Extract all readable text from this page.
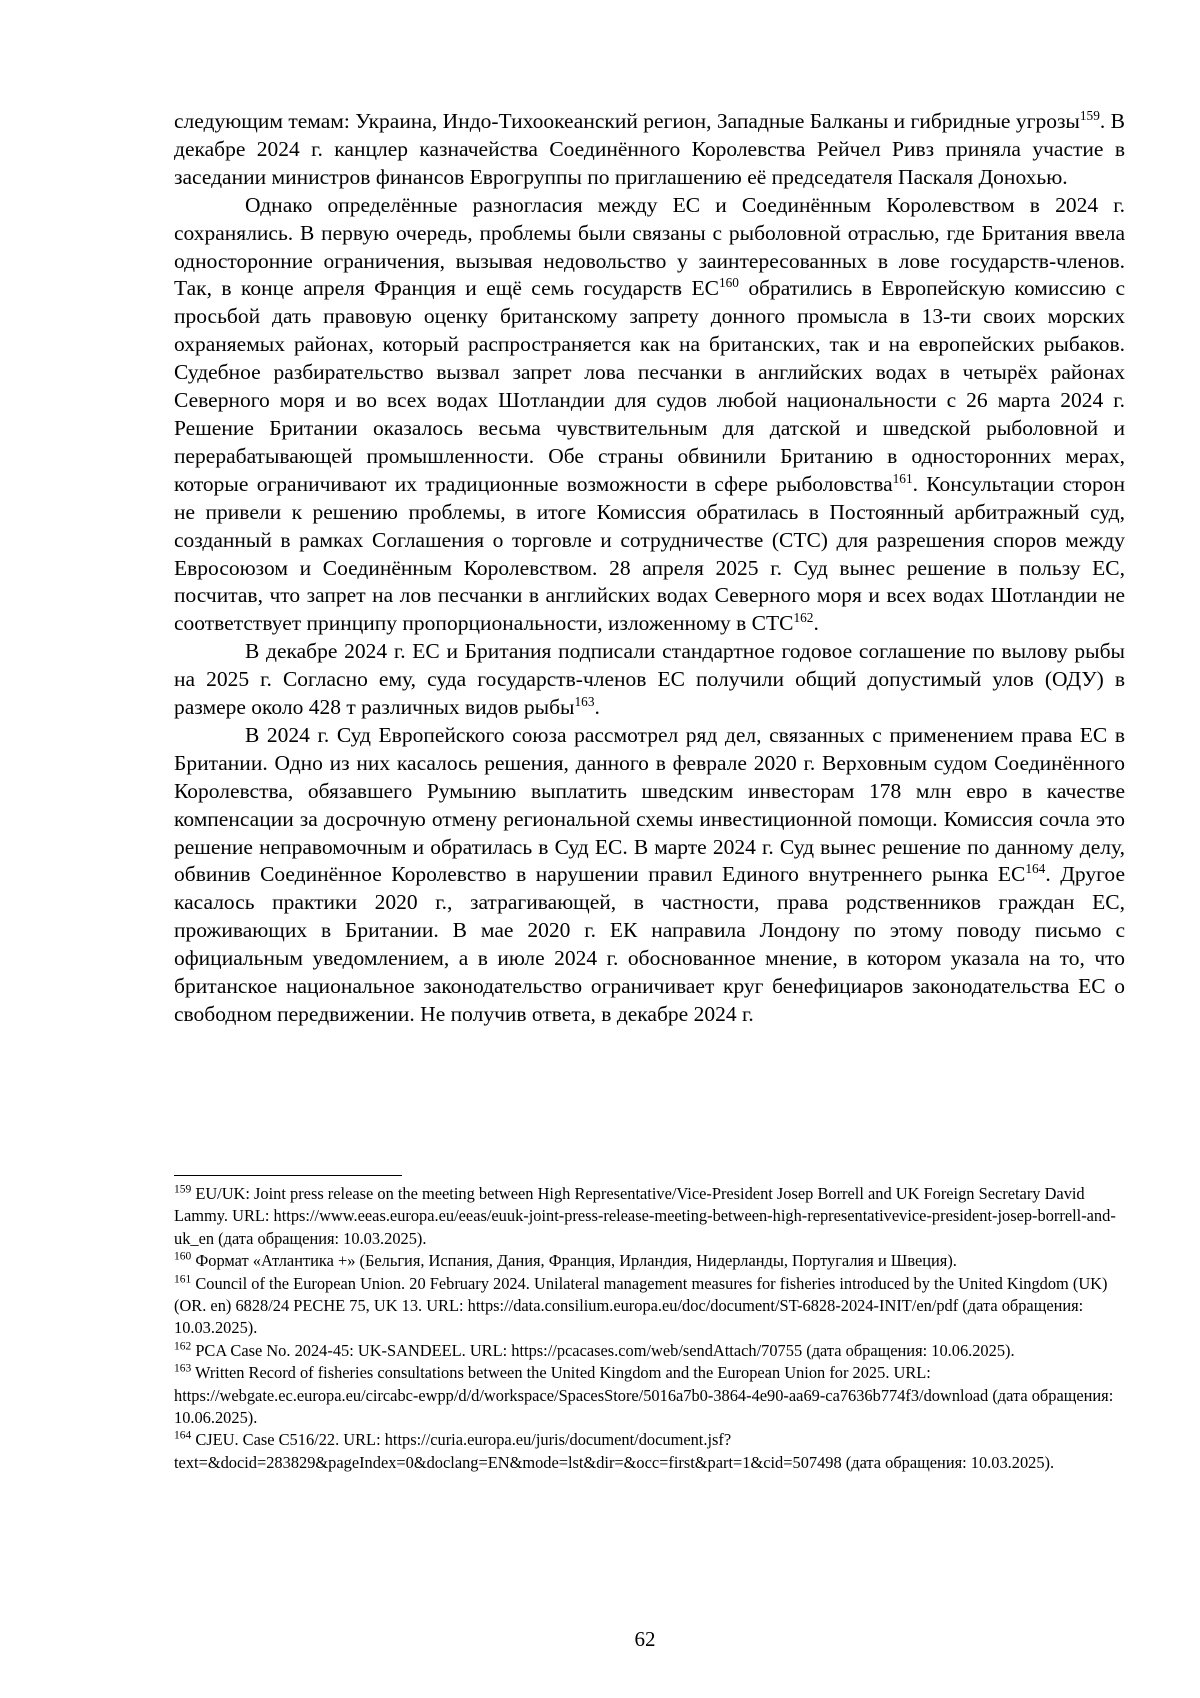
следующим темам: Украина, Индо-Тихоокеанский регион, Западные Балканы и гибридные угрозы$^{159}$. В декабре 2024 г. канцлер казначейства Соединённого Королевства Рейчел Ривз приняла участие в заседании министров финансов Еврогруппы по приглашению её председателя Паскаля Донохью.

Однако определённые разногласия между ЕС и Соединённым Королевством в 2024 г. сохранялись. В первую очередь, проблемы были связаны с рыболовной отраслью, где Британия ввела односторонние ограничения, вызывая недовольство у заинтересованных в лове государств-членов. Так, в конце апреля Франция и ещё семь государств ЕС$^{160}$ обратились в Европейскую комиссию с просьбой дать правовую оценку британскому запрету донного промысла в 13-ти своих морских охраняемых районах, который распространяется как на британских, так и на европейских рыбаков. Судебное разбирательство вызвал запрет лова песчанки в английских водах в четырёх районах Северного моря и во всех водах Шотландии для судов любой национальности с 26 марта 2024 г. Решение Британии оказалось весьма чувствительным для датской и шведской рыболовной и перерабатывающей промышленности. Обе страны обвинили Британию в односторонних мерах, которые ограничивают их традиционные возможности в сфере рыболовства$^{161}$. Консультации сторон не привели к решению проблемы, в итоге Комиссия обратилась в Постоянный арбитражный суд, созданный в рамках Соглашения о торговле и сотрудничестве (СТС) для разрешения споров между Евросоюзом и Соединённым Королевством. 28 апреля 2025 г. Суд вынес решение в пользу ЕС, посчитав, что запрет на лов песчанки в английских водах Северного моря и всех водах Шотландии не соответствует принципу пропорциональности, изложенному в СТС$^{162}$.

В декабре 2024 г. ЕС и Британия подписали стандартное годовое соглашение по вылову рыбы на 2025 г. Согласно ему, суда государств-членов ЕС получили общий допустимый улов (ОДУ) в размере около 428 т различных видов рыбы$^{163}$.

В 2024 г. Суд Европейского союза рассмотрел ряд дел, связанных с применением права ЕС в Британии. Одно из них касалось решения, данного в феврале 2020 г. Верховным судом Соединённого Королевства, обязавшего Румынию выплатить шведским инвесторам 178 млн евро в качестве компенсации за досрочную отмену региональной схемы инвестиционной помощи. Комиссия сочла это решение неправомочным и обратилась в Суд ЕС. В марте 2024 г. Суд вынес решение по данному делу, обвинив Соединённое Королевство в нарушении правил Единого внутреннего рынка ЕС$^{164}$. Другое касалось практики 2020 г., затрагивающей, в частности, права родственников граждан ЕС, проживающих в Британии. В мае 2020 г. ЕК направила Лондону по этому поводу письмо с официальным уведомлением, а в июле 2024 г. обоснованное мнение, в котором указала на то, что британское национальное законодательство ограничивает круг бенефициаров законодательства ЕС о свободном передвижении. Не получив ответа, в декабре 2024 г.

$^{159}$ EU/UK: Joint press release on the meeting between High Representative/Vice-President Josep Borrell and UK Foreign Secretary David Lammy. URL: https://www.eeas.europa.eu/eeas/euuk-joint-press-release-meeting-between-high-representativevice-president-josep-borrell-and-uk_en (дата обращения: 10.03.2025).

$^{160}$ Формат «Атлантика +» (Бельгия, Испания, Дания, Франция, Ирландия, Нидерланды, Португалия и Швеция).

$^{161}$ Council of the European Union. 20 February 2024. Unilateral management measures for fisheries introduced by the United Kingdom (UK) (OR. en) 6828/24 PECHE 75, UK 13. URL: https://data.consilium.europa.eu/doc/document/ST-6828-2024-INIT/en/pdf (дата обращения: 10.03.2025).

$^{162}$ PCA Case No. 2024-45: UK-SANDEEL. URL: https://pcacases.com/web/sendAttach/70755 (дата обращения: 10.06.2025).

$^{163}$ Written Record of fisheries consultations between the United Kingdom and the European Union for 2025. URL: https://webgate.ec.europa.eu/circabc-ewpp/d/d/workspace/SpacesStore/5016a7b0-3864-4e90-aa69-ca7636b774f3/download (дата обращения: 10.06.2025).

$^{164}$ CJEU. Case C516/22. URL: https://curia.europa.eu/juris/document/document.jsf?text=&docid=283829&pageIndex=0&doclang=EN&mode=lst&dir=&occ=first&part=1&cid=507498 (дата обращения: 10.03.2025).

62
